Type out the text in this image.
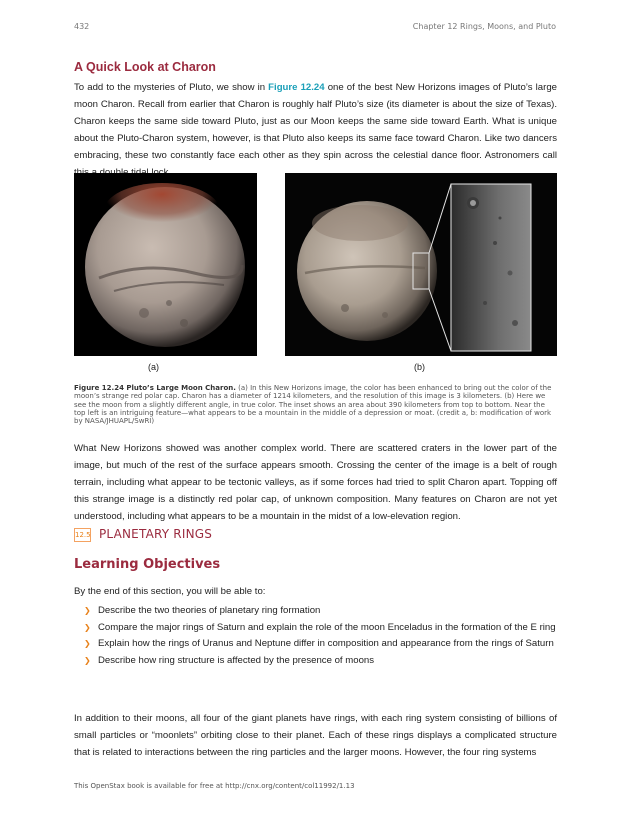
432	Chapter 12 Rings, Moons, and Pluto
A Quick Look at Charon

To add to the mysteries of Pluto, we show in Figure 12.24 one of the best New Horizons images of Pluto’s large moon Charon. Recall from earlier that Charon is roughly half Pluto’s size (its diameter is about the size of Texas). Charon keeps the same side toward Pluto, just as our Moon keeps the same side toward Earth. What is unique about the Pluto-Charon system, however, is that Pluto also keeps its same face toward Charon. Like two dancers embracing, these two constantly face each other as they spin across the celestial dance floor. Astronomers call

(a)	(b)

Figure 12.24 Pluto’s Large Moon Charon. (a) In this New Horizons image, the color has been enhanced to bring out the color of the moon’s strange red polar cap. Charon has a diameter of 1214 kilometers, and the resolution of this image is 3 kilometers. (b) Here we see the moon from a slightly different angle, in true color. The inset shows an area about 390 kilometers from top to bottom. Near the top left is an intriguing feature—what appears to be a mountain in the middle of a depression or moat. (credit a, b: modification of work by NASA/JHUAPL/SwRI)

What New Horizons showed was another complex world. There are scattered craters in the lower part of the image, but much of the rest of the surface appears smooth. Crossing the center of the image is a belt of rough terrain, including what appear to be tectonic valleys, as if some forces had tried to split Charon apart. Topping off this strange image is a distinctly red polar cap, of unknown composition. Many features on Charon are not yet understood, including what appears to be a mountain in the midst of a low-elevation region.

12.5 PLANETARY RINGS
Learning Objectives

By the end of this section, you will be able to:

❯ Describe the two theories of planetary ring formation
❯ Compare the major rings of Saturn and explain the role of the moon Enceladus in the formation of the E ring
❯ Explain how the rings of Uranus and Neptune differ in composition and appearance from the rings of Saturn
❯ Describe how ring structure is affected by the presence of moons

In addition to their moons, all four of the giant planets have rings, with each ring system consisting of billions of small particles or “moonlets” orbiting close to their planet. Each of these rings displays a complicated structure that is related to interactions between the ring particles and the larger moons. However, the four ring systems

This OpenStax book is available for free at http://cnx.org/content/col11992/1.13
